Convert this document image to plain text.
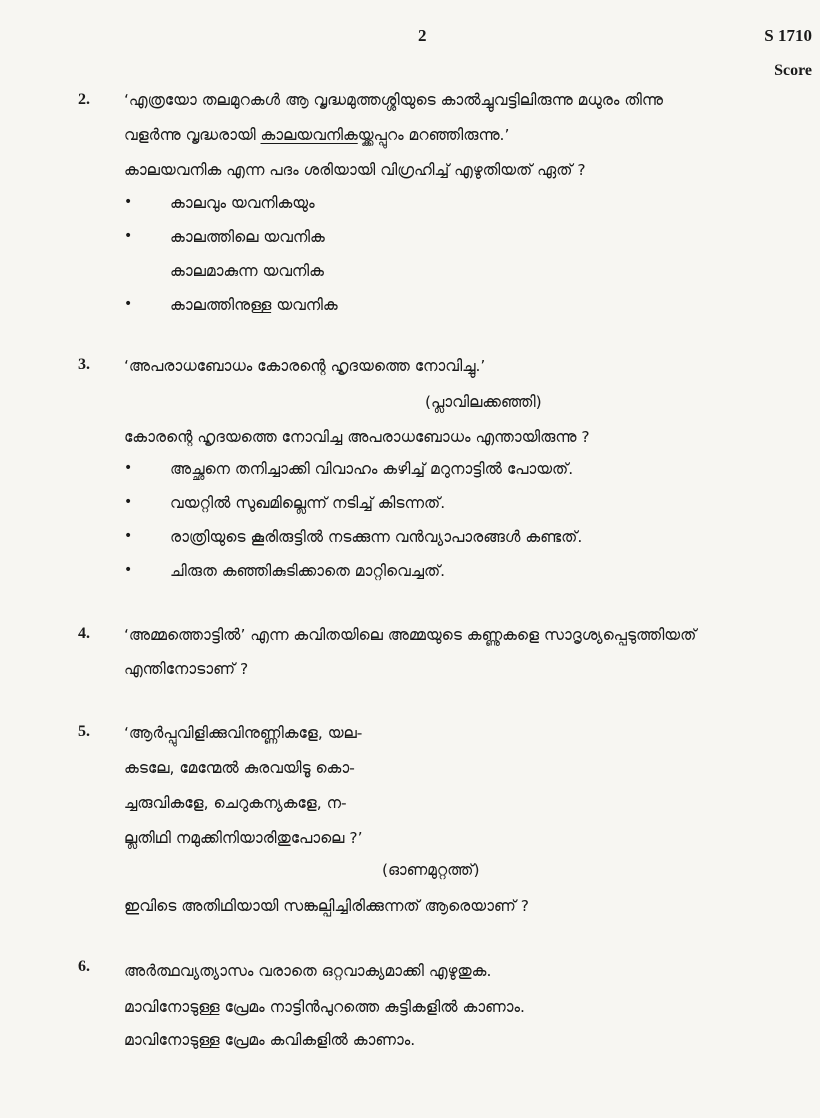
2	S 1710
Score
2. ‘എത്രയോ തലമുറകൾ ആ വൃദ്ധമുത്തശ്ശിയുടെ കാൽച്ചുവട്ടിലിരുന്നു മധുരം തിന്നു
വളർന്നു വൃദ്ധരായി കാലയവനികയ്ക്കപ്പുറം മറഞ്ഞിരുന്നു.’
കാലയവനിക എന്ന പദം ശരിയായി വിഗ്രഹിച്ച് എഴുതിയത് ഏത് ?
• കാലവും യവനികയും
• കാലത്തിലെ യവനിക
കാലമാകുന്ന യവനിക
• കാലത്തിനുള്ള യവനിക
3. ‘അപരാധബോധം കോരന്റെ ഹൃദയത്തെ നോവിച്ചു.’
(പ്ലാവിലക്കഞ്ഞി)
കോരന്റെ ഹൃദയത്തെ നോവിച്ച അപരാധബോധം എന്തായിരുന്നു ?
• അച്ഛനെ തനിച്ചാക്കി വിവാഹം കഴിച്ച് മറുനാട്ടിൽ പോയത്.
• വയറ്റിൽ സുഖമില്ലെന്ന് നടിച്ച് കിടന്നത്.
• രാത്രിയുടെ കൂരിരുട്ടിൽ നടക്കുന്ന വൻവ്യാപാരങ്ങൾ കണ്ടത്.
• ചിരുത കഞ്ഞികുടിക്കാതെ മാറ്റിവെച്ചത്.
4. ‘അമ്മത്തൊട്ടിൽ’ എന്ന കവിതയിലെ അമ്മയുടെ കണ്ണുകളെ സാദൃശ്യപ്പെടുത്തിയത്
എന്തിനോടാണ് ?
5. ‘ആർപ്പുവിളിക്കുവിനുണ്ണികളേ, യല-
കടലേ, മേന്മേൽ കുരവയിടൂ കൊ-
ച്ചരുവികളേ, ചെറുകന്യകളേ, ന-
ല്ലതിഥി നമുക്കിനിയാരിതുപോലെ ?’
(ഓണമുറ്റത്ത്)
ഇവിടെ അതിഥിയായി സങ്കല്പിച്ചിരിക്കുന്നത് ആരെയാണ് ?
6. അർത്ഥവ്യത്യാസം വരാതെ ഒറ്റവാക്യമാക്കി എഴുതുക.
മാവിനോടുള്ള പ്രേമം നാട്ടിൻപുറത്തെ കുട്ടികളിൽ കാണാം.
മാവിനോടുള്ള പ്രേമം കവികളിൽ കാണാം.
